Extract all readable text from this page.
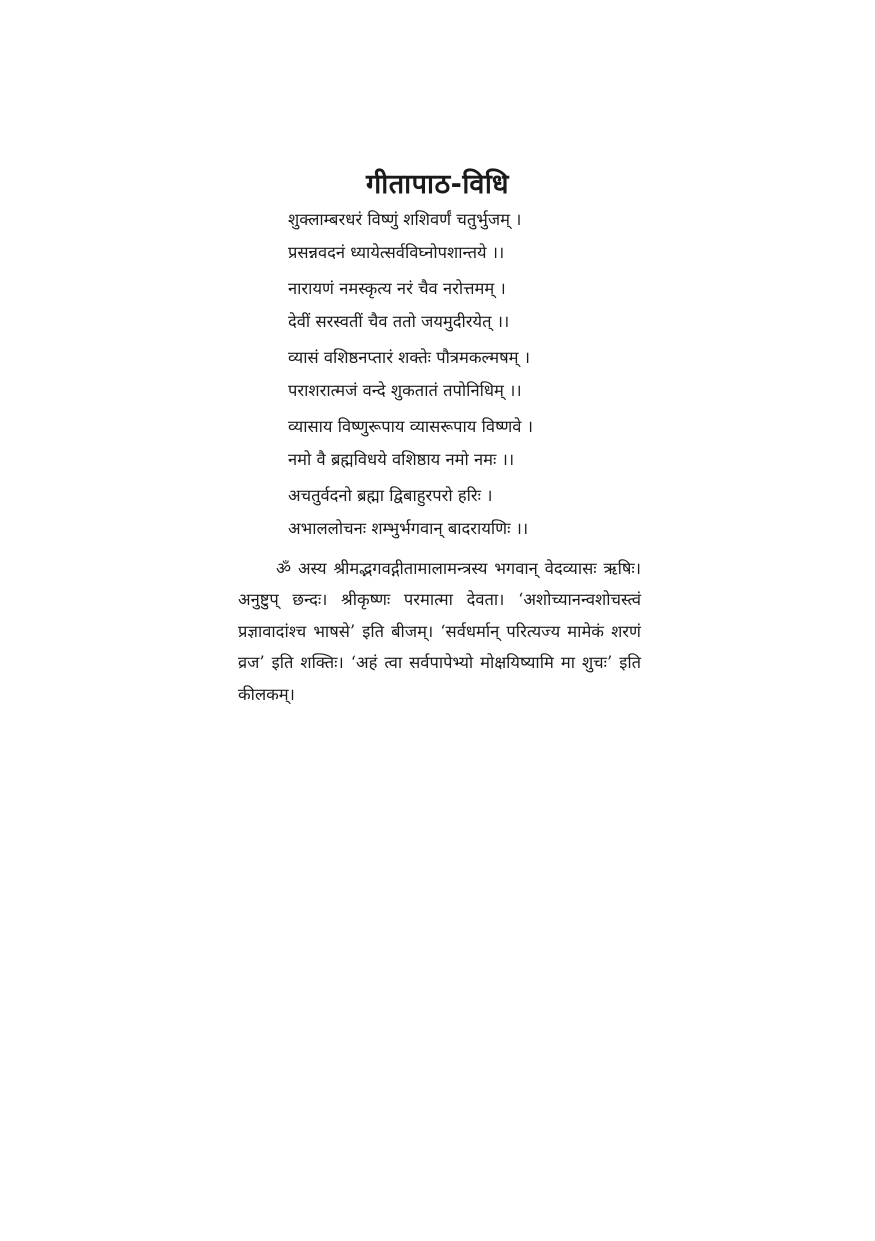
गीतापाठ-विधि
शुक्लाम्बरधरं विष्णुं शशिवर्णं चतुर्भुजम् ।
प्रसन्नवदनं ध्यायेत्सर्वविघ्नोपशान्तये ।।
नारायणं नमस्कृत्य नरं चैव नरोत्तमम् ।
देवीं सरस्वतीं चैव ततो जयमुदीरयेत् ।।
व्यासं वशिष्ठनप्तारं शक्तेः पौत्रमकल्मषम् ।
पराशरात्मजं वन्दे शुकतातं तपोनिधिम् ।।
व्यासाय विष्णुरूपाय व्यासरूपाय विष्णवे ।
नमो वै ब्रह्मविधये वशिष्ठाय नमो नमः ।।
अचतुर्वदनो ब्रह्मा द्विबाहुरपरो हरिः ।
अभाललोचनः शम्भुर्भगवान् बादरायणिः ।।

ॐ अस्य श्रीमद्भगवद्गीतामालामन्त्रस्य भगवान् वेदव्यासः ऋषिः। अनुष्टुप् छन्दः। श्रीकृष्णः परमात्मा देवता। ‘अशोच्यानन्वशोचस्त्वं प्रज्ञावादांश्च भाषसे’ इति बीजम्। ‘सर्वधर्मान् परित्यज्य मामेकं शरणं व्रज’ इति शक्तिः। ‘अहं त्वा सर्वपापेभ्यो मोक्षयिष्यामि मा शुचः’ इति कीलकम्।
